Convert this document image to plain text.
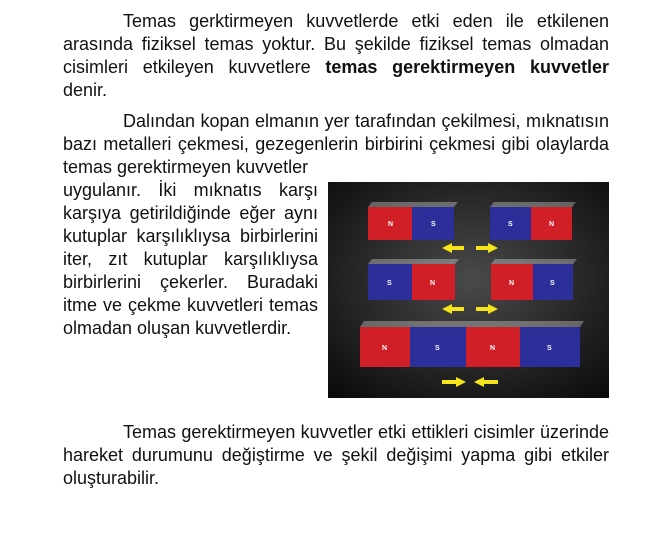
Temas gerktirmeyen kuvvetlerde etki eden ile etkilenen arasında fiziksel temas yoktur. Bu şekilde fiziksel temas olmadan cisimleri etkileyen kuvvetlere temas gerektirmeyen kuvvetler denir.

Dalından kopan elmanın yer tarafından çekilmesi, mıknatısın bazı metalleri çekmesi, gezegenlerin birbirini çekmesi gibi olaylarda temas gerektirmeyen kuvvetler

N	S	S	N
S	N	N	S
N	S	N	S

uygulanır. İki mıknatıs karşı karşıya getirildiğinde eğer aynı kutuplar karşılıklıysa birbirlerini iter, zıt kutuplar karşılıklıysa birbirlerini çekerler. Buradaki itme ve çekme kuvvetleri temas olmadan oluşan kuvvetlerdir.

Temas gerektirmeyen kuvvetler etki ettikleri cisimler üzerinde hareket durumunu değiştirme ve şekil değişimi yapma gibi etkiler oluşturabilir.
